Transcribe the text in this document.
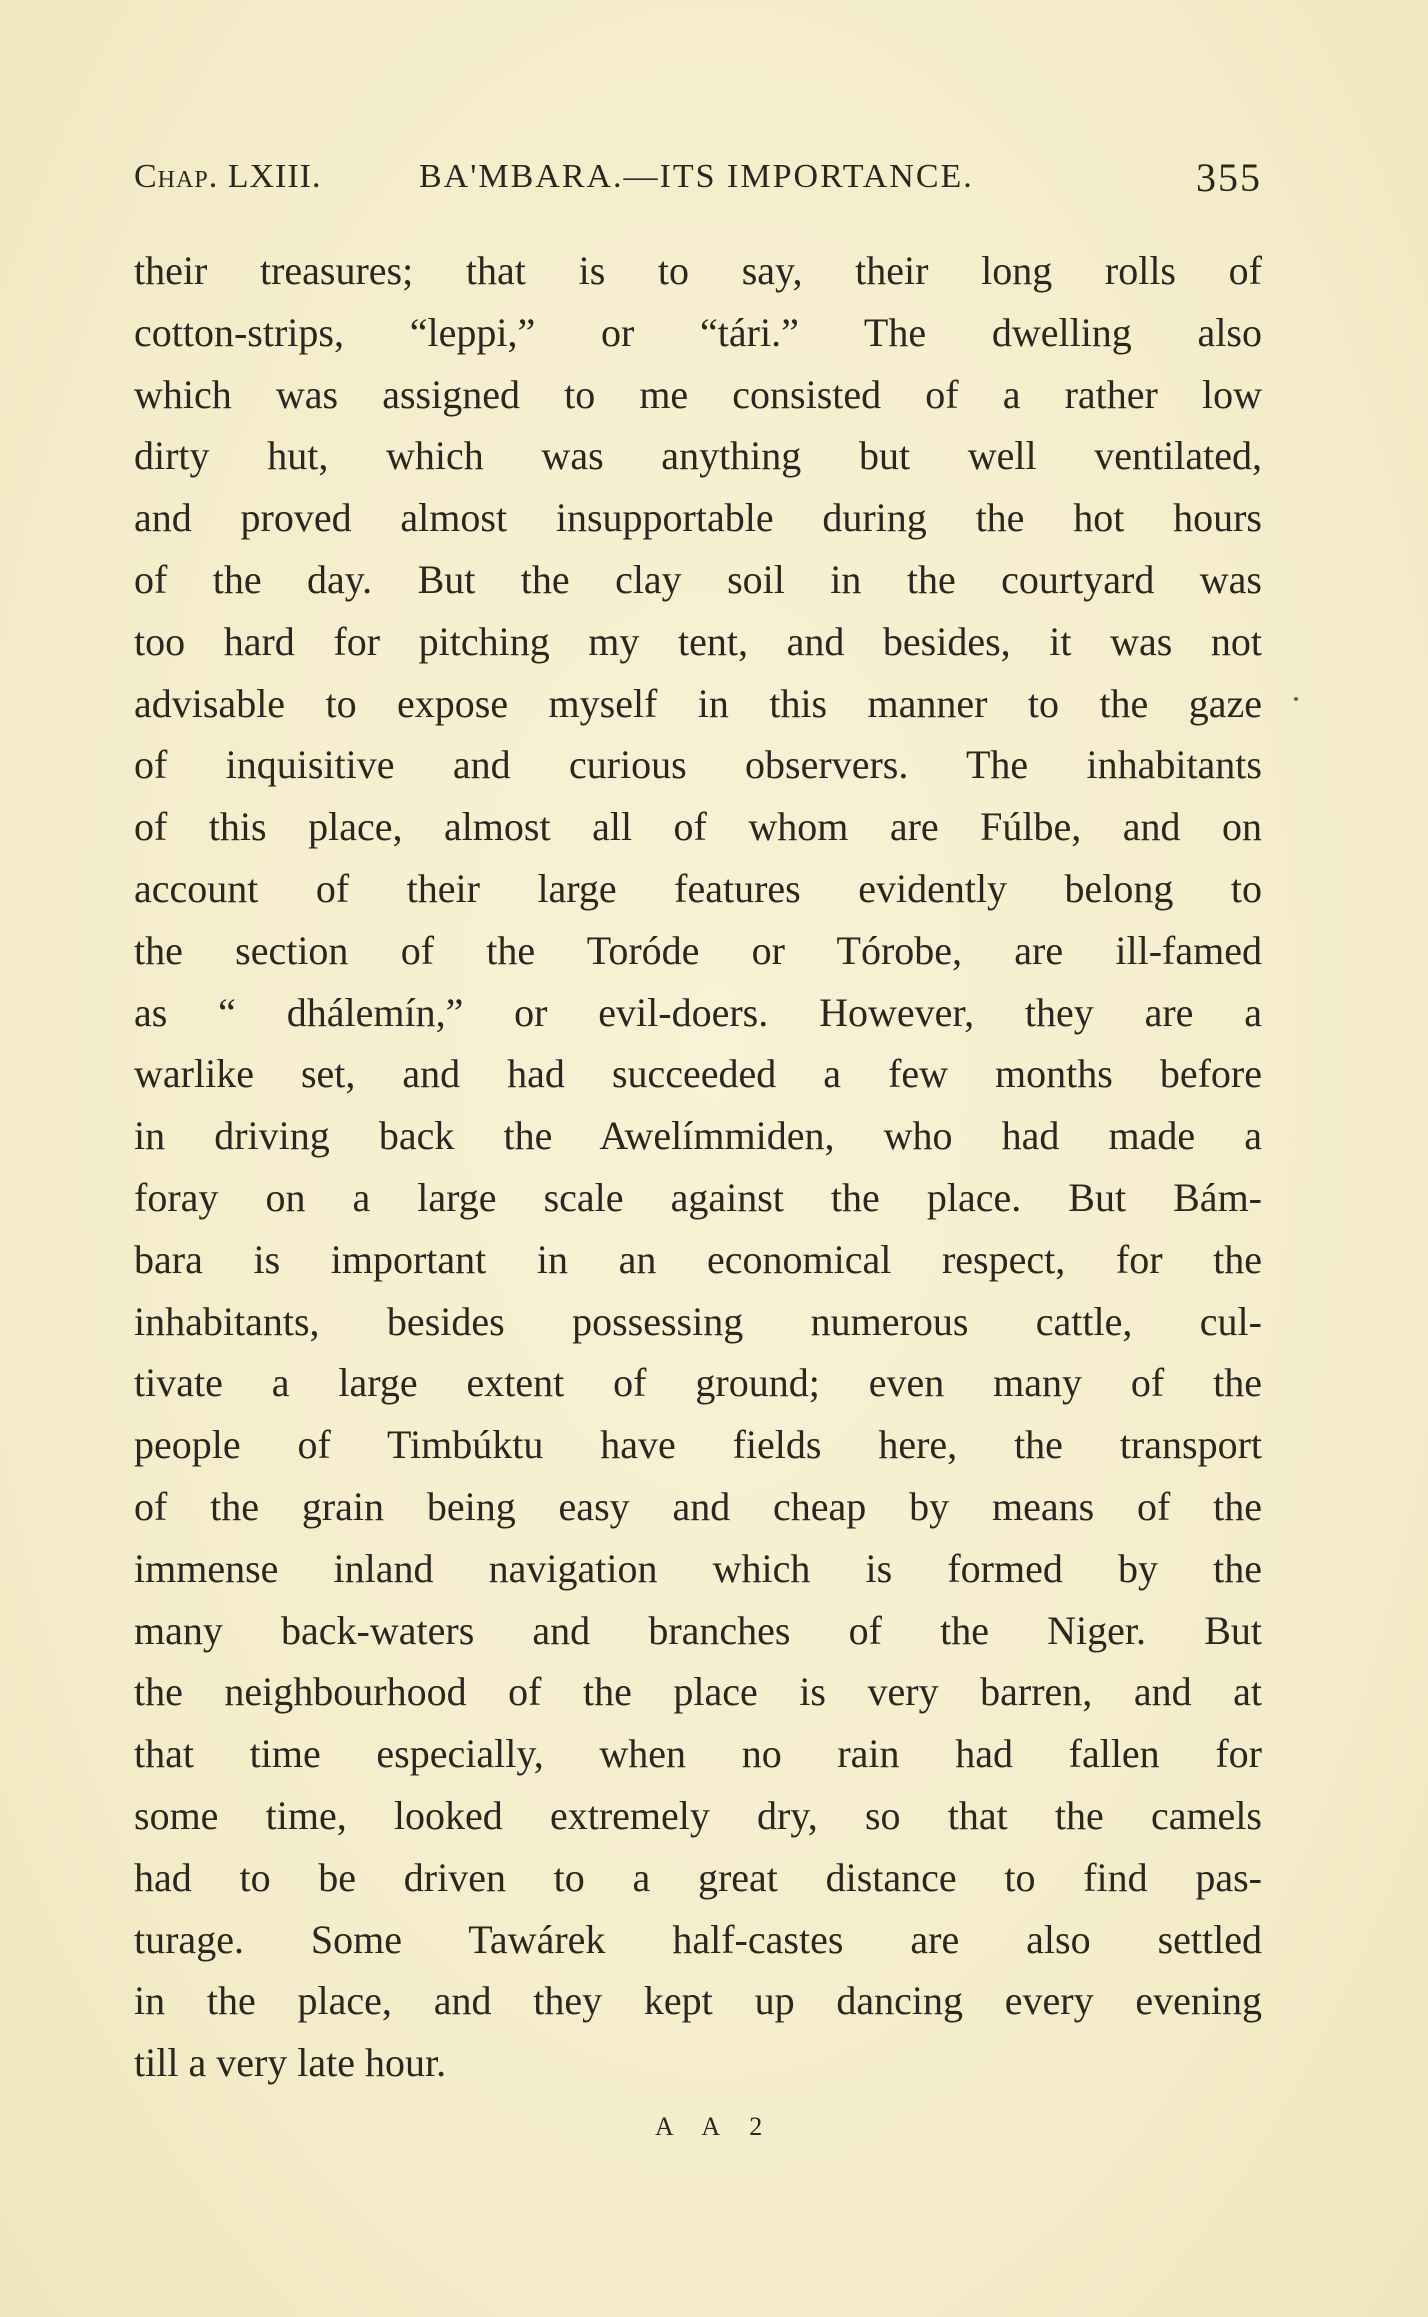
Chap. LXIII.	BA'MBARA.—ITS IMPORTANCE.	355
their treasures; that is to say, their long rolls of
cotton-strips, “leppi,” or “tári.” The dwelling also
which was assigned to me consisted of a rather low
dirty hut, which was anything but well ventilated,
and proved almost insupportable during the hot hours
of the day. But the clay soil in the courtyard was
too hard for pitching my tent, and besides, it was not
advisable to expose myself in this manner to the gaze
of inquisitive and curious observers. The inhabitants
of this place, almost all of whom are Fúlbe, and on
account of their large features evidently belong to
the section of the Toróde or Tórobe, are ill-famed
as “ dhálemín,” or evil-doers. However, they are a
warlike set, and had succeeded a few months before
in driving back the Awelímmiden, who had made a
foray on a large scale against the place. But Bám-
bara is important in an economical respect, for the
inhabitants, besides possessing numerous cattle, cul-
tivate a large extent of ground; even many of the
people of Timbúktu have fields here, the transport
of the grain being easy and cheap by means of the
immense inland navigation which is formed by the
many back-waters and branches of the Niger. But
the neighbourhood of the place is very barren, and at
that time especially, when no rain had fallen for
some time, looked extremely dry, so that the camels
had to be driven to a great distance to find pas-
turage. Some Tawárek half-castes are also settled
in the place, and they kept up dancing every evening
till a very late hour.
A A 2
